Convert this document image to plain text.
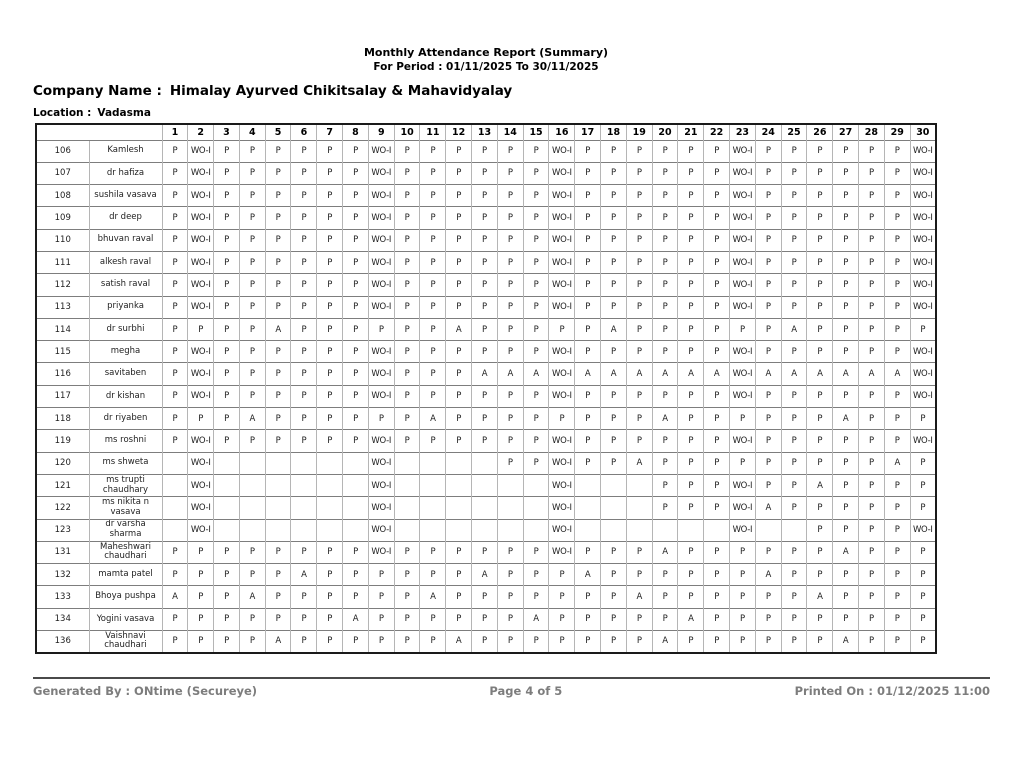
Monthly Attendance Report (Summary)
For Period : 01/11/2025 To 30/11/2025
Company Name : Himalay Ayurved Chikitsalay & Mahavidyalay
Location : Vadasma
		1	2	3	4	5	6	7	8	9	10	11	12	13	14	15	16	17	18	19	20	21	22	23	24	25	26	27	28	29	30
106	Kamlesh	P	WO-I	P	P	P	P	P	P	WO-I	P	P	P	P	P	P	WO-I	P	P	P	P	P	P	WO-I	P	P	P	P	P	P	WO-I
107	dr hafiza	P	WO-I	P	P	P	P	P	P	WO-I	P	P	P	P	P	P	WO-I	P	P	P	P	P	P	WO-I	P	P	P	P	P	P	WO-I
108	sushila vasava	P	WO-I	P	P	P	P	P	P	WO-I	P	P	P	P	P	P	WO-I	P	P	P	P	P	P	WO-I	P	P	P	P	P	P	WO-I
109	dr deep	P	WO-I	P	P	P	P	P	P	WO-I	P	P	P	P	P	P	WO-I	P	P	P	P	P	P	WO-I	P	P	P	P	P	P	WO-I
110	bhuvan raval	P	WO-I	P	P	P	P	P	P	WO-I	P	P	P	P	P	P	WO-I	P	P	P	P	P	P	WO-I	P	P	P	P	P	P	WO-I
111	alkesh raval	P	WO-I	P	P	P	P	P	P	WO-I	P	P	P	P	P	P	WO-I	P	P	P	P	P	P	WO-I	P	P	P	P	P	P	WO-I
112	satish raval	P	WO-I	P	P	P	P	P	P	WO-I	P	P	P	P	P	P	WO-I	P	P	P	P	P	P	WO-I	P	P	P	P	P	P	WO-I
113	priyanka	P	WO-I	P	P	P	P	P	P	WO-I	P	P	P	P	P	P	WO-I	P	P	P	P	P	P	WO-I	P	P	P	P	P	P	WO-I
114	dr surbhi	P	P	P	P	A	P	P	P	P	P	P	A	P	P	P	P	P	A	P	P	P	P	P	P	A	P	P	P	P	P
115	megha	P	WO-I	P	P	P	P	P	P	WO-I	P	P	P	P	P	P	WO-I	P	P	P	P	P	P	WO-I	P	P	P	P	P	P	WO-I
116	savitaben	P	WO-I	P	P	P	P	P	P	WO-I	P	P	P	A	A	A	WO-I	A	A	A	A	A	A	WO-I	A	A	A	A	A	A	WO-I
117	dr kishan	P	WO-I	P	P	P	P	P	P	WO-I	P	P	P	P	P	P	WO-I	P	P	P	P	P	P	WO-I	P	P	P	P	P	P	WO-I
118	dr riyaben	P	P	P	A	P	P	P	P	P	P	A	P	P	P	P	P	P	P	P	A	P	P	P	P	P	P	A	P	P	P
119	ms roshni	P	WO-I	P	P	P	P	P	P	WO-I	P	P	P	P	P	P	WO-I	P	P	P	P	P	P	WO-I	P	P	P	P	P	P	WO-I
120	ms shweta		WO-I							WO-I					P	P	WO-I	P	P	A	P	P	P	P	P	P	P	P	P	A	P
121	ms trupti chaudhary		WO-I							WO-I							WO-I				P	P	P	WO-I	P	P	A	P	P	P	P
122	ms nikita n vasava		WO-I							WO-I							WO-I				P	P	P	WO-I	A	P	P	P	P	P	P
123	dr varsha sharma		WO-I							WO-I							WO-I							WO-I			P	P	P	P	WO-I
131	Maheshwari chaudhari	P	P	P	P	P	P	P	P	WO-I	P	P	P	P	P	P	WO-I	P	P	P	A	P	P	P	P	P	P	A	P	P	P
132	mamta patel	P	P	P	P	P	A	P	P	P	P	P	P	A	P	P	P	A	P	P	P	P	P	P	A	P	P	P	P	P	P
133	Bhoya pushpa	A	P	P	A	P	P	P	P	P	P	A	P	P	P	P	P	P	P	A	P	P	P	P	P	P	A	P	P	P	P
134	Yogini vasava	P	P	P	P	P	P	P	A	P	P	P	P	P	P	A	P	P	P	P	P	A	P	P	P	P	P	P	P	P	P
136	Vaishnavi chaudhari	P	P	P	P	A	P	P	P	P	P	P	A	P	P	P	P	P	P	P	A	P	P	P	P	P	P	A	P	P	P
Generated By : ONtime (Secureye)	Page 4 of 5	Printed On : 01/12/2025 11:00
